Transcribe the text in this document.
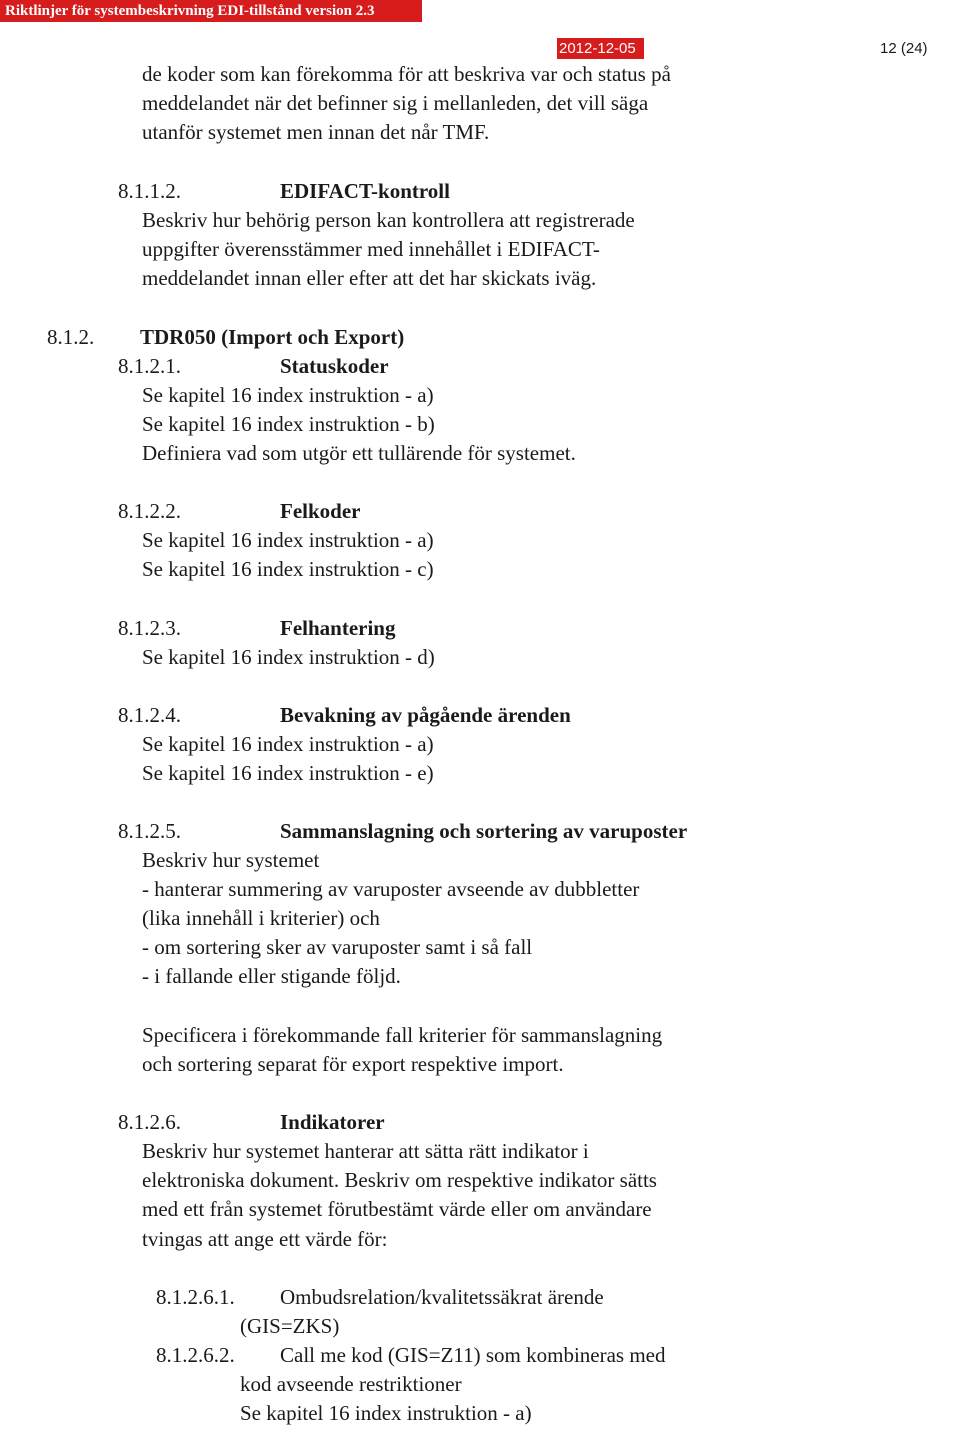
Riktlinjer för systembeskrivning EDI-tillstånd version 2.3
2012-12-05	12 (24)
de koder som kan förekomma för att beskriva var och status på
meddelandet när det befinner sig i mellanleden, det vill säga
utanför systemet men innan det når TMF.
8.1.1.2.	EDIFACT-kontroll
Beskriv hur behörig person kan kontrollera att registrerade
uppgifter överensstämmer med innehållet i EDIFACT-
meddelandet innan eller efter att det har skickats iväg.
8.1.2. TDR050 (Import och Export)
8.1.2.1.	Statuskoder
Se kapitel 16 index instruktion - a)
Se kapitel 16 index instruktion - b)
Definiera vad som utgör ett tullärende för systemet.
8.1.2.2.	Felkoder
Se kapitel 16 index instruktion - a)
Se kapitel 16 index instruktion - c)
8.1.2.3.	Felhantering
Se kapitel 16 index instruktion - d)
8.1.2.4.	Bevakning av pågående ärenden
Se kapitel 16 index instruktion - a)
Se kapitel 16 index instruktion - e)
8.1.2.5.	Sammanslagning och sortering av varuposter
Beskriv hur systemet
- hanterar summering av varuposter avseende av dubbletter
(lika innehåll i kriterier) och
- om sortering sker av varuposter samt i så fall
- i fallande eller stigande följd.
Specificera i förekommande fall kriterier för sammanslagning
och sortering separat för export respektive import.
8.1.2.6.	Indikatorer
Beskriv hur systemet hanterar att sätta rätt indikator i
elektroniska dokument. Beskriv om respektive indikator sätts
med ett från systemet förutbestämt värde eller om användare
tvingas att ange ett värde för:
8.1.2.6.1. Ombudsrelation/kvalitetssäkrat ärende
(GIS=ZKS)
8.1.2.6.2. Call me kod (GIS=Z11) som kombineras med
kod avseende restriktioner
Se kapitel 16 index instruktion - a)
